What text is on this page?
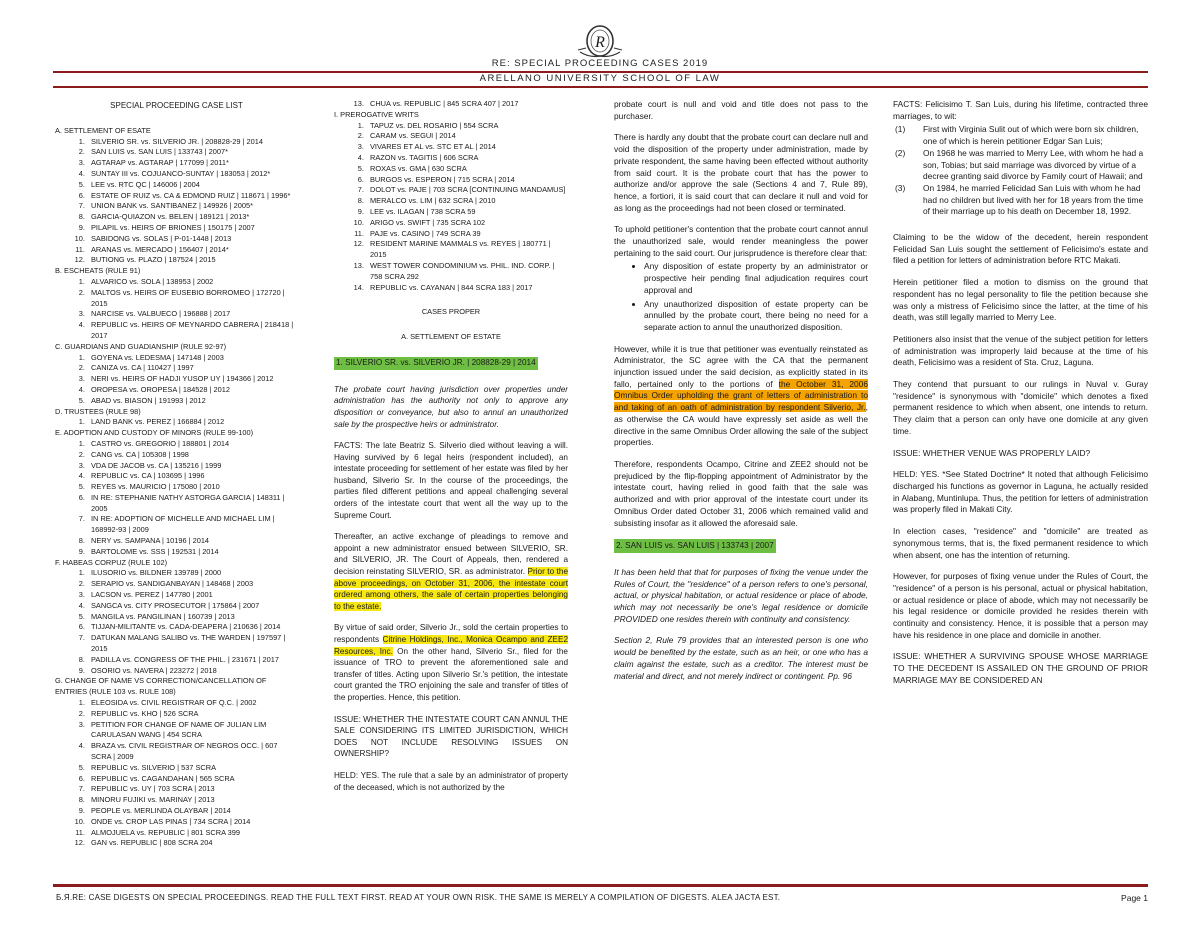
R
RE: SPECIAL PROCEEDING CASES 2019
ARELLANO UNIVERSITY SCHOOL OF LAW
SPECIAL PROCEEDING CASE LIST
A. SETTLEMENT OF ESATE
1. SILVERIO SR. vs. SILVERIO JR. | 208828-29 | 2014
2. SAN LUIS vs. SAN LUIS | 133743 | 2007*
3. AGTARAP vs. AGTARAP | 177099 | 2011*
4. SUNTAY III vs. COJUANCO-SUNTAY | 183053 | 2012*
5. LEE vs. RTC QC | 146006 | 2004
6. ESTATE OF RUIZ vs. CA & EDMOND RUIZ | 118671 | 1996*
7. UNION BANK vs. SANTIBANEZ | 149926 | 2005*
8. GARCIA-QUIAZON vs. BELEN | 189121 | 2013*
9. PILAPIL vs. HEIRS OF BRIONES | 150175 | 2007
10. SABIDONG vs. SOLAS | P-01-1448 | 2013
11. ARANAS vs. MERCADO | 156407 | 2014*
12. BUTIONG vs. PLAZO | 187524 | 2015
B. ESCHEATS (RULE 91)
1. ALVARICO vs. SOLA | 138953 | 2002
2. MALTOS vs. HEIRS OF EUSEBIO BORROMEO | 172720 | 2015
3. NARCISE vs. VALBUECO | 196888 | 2017
4. REPUBLIC vs. HEIRS OF MEYNARDO CABRERA | 218418 | 2017
C. GUARDIANS AND GUADIANSHIP (RULE 92-97)
1. GOYENA vs. LEDESMA | 147148 | 2003
2. CANIZA vs. CA | 110427 | 1997
3. NERI vs. HEIRS OF HADJI YUSOP UY | 194366 | 2012
4. OROPESA vs. OROPESA | 184528 | 2012
5. ABAD vs. BIASON | 191993 | 2012
D. TRUSTEES (RULE 98)
1. LAND BANK vs. PEREZ | 166884 | 2012
E. ADOPTION AND CUSTODY OF MINORS (RULE 99-100)
1. CASTRO vs. GREGORIO | 188801 | 2014
2. CANG vs. CA | 105308 | 1998
3. VDA DE JACOB vs. CA | 135216 | 1999
4. REPUBLIC vs. CA | 103695 | 1996
5. REYES vs. MAURICIO | 175080 | 2010
6. IN RE: STEPHANIE NATHY ASTORGA GARCIA | 148311 | 2005
7. IN RE: ADOPTION OF MICHELLE AND MICHAEL LIM | 168992-93 | 2009
8. NERY vs. SAMPANA | 10196 | 2014
9. BARTOLOME vs. SSS | 192531 | 2014
F. HABEAS CORPUZ (RULE 102)
1. ILUSORIO vs. BILDNER 139789 | 2000
2. SERAPIO vs. SANDIGANBAYAN | 148468 | 2003
3. LACSON vs. PEREZ | 147780 | 2001
4. SANGCA vs. CITY PROSECUTOR | 175864 | 2007
5. MANGILA vs. PANGILINAN | 160739 | 2013
6. TIJJAN-MILITANTE vs. CADA-DEAPERA | 210636 | 2014
7. DATUKAN MALANG SALIBO vs. THE WARDEN | 197597 | 2015
8. PADILLA vs. CONGRESS OF THE PHIL. | 231671 | 2017
9. OSORIO vs. NAVERA | 223272 | 2018
G. CHANGE OF NAME VS CORRECTION/CANCELLATION OF ENTRIES (RULE 103 vs. RULE 108)
1. ELEOSIDA vs. CIVIL REGISTRAR OF Q.C. | 2002
2. REPUBLIC vs. KHO | 526 SCRA
3. PETITION FOR CHANGE OF NAME OF JULIAN LIM CARULASAN WANG | 454 SCRA
4. BRAZA vs. CIVIL REGISTRAR OF NEGROS OCC. | 607 SCRA | 2009
5. REPUBLIC vs. SILVERIO | 537 SCRA
6. REPUBLIC vs. CAGANDAHAN | 565 SCRA
7. REPUBLIC vs. UY | 703 SCRA | 2013
8. MINORU FUJIKI vs. MARINAY | 2013
9. PEOPLE vs. MERLINDA OLAYBAR | 2014
10. ONDE vs. CROP LAS PINAS | 734 SCRA | 2014
11. ALMOJUELA vs. REPUBLIC | 801 SCRA 399
12. GAN vs. REPUBLIC | 808 SCRA 204
13. CHUA vs. REPUBLIC | 845 SCRA 407 | 2017
I. PREROGATIVE WRITS
1. TAPUZ vs. DEL ROSARIO | 554 SCRA
2. CARAM vs. SEGUI | 2014
3. VIVARES ET AL vs. STC ET AL | 2014
4. RAZON vs. TAGITIS | 606 SCRA
5. ROXAS vs. GMA | 630 SCRA
6. BURGOS vs. ESPERON | 715 SCRA | 2014
7. DOLOT vs. PAJE | 703 SCRA [CONTINUING MANDAMUS]
8. MERALCO vs. LIM | 632 SCRA | 2010
9. LEE vs. ILAGAN | 738 SCRA 59
10. ARIGO vs. SWIFT | 735 SCRA 102
11. PAJE vs. CASINO | 749 SCRA 39
12. RESIDENT MARINE MAMMALS vs. REYES | 180771 | 2015
13. WEST TOWER CONDOMINIUM vs. PHIL. IND. CORP. | 758 SCRA 292
14. REPUBLIC vs. CAYANAN | 844 SCRA 183 | 2017
CASES PROPER
A. SETTLEMENT OF ESTATE
1. SILVERIO SR. vs. SILVERIO JR. | 208828-29 | 2014

The probate court having jurisdiction over properties under administration has the authority not only to approve any disposition or conveyance, but also to annul an unauthorized sale by the prospective heirs or administrator.

FACTS: The late Beatriz S. Silverio died without leaving a will. Having survived by 6 legal heirs (respondent included), an intestate proceeding for settlement of her estate was filed by her husband, Silverio Sr. In the course of the proceedings, the parties filed different petitions and appeal challenging several orders of the intestate court that went all the way up to the Supreme Court.

Thereafter, an active exchange of pleadings to remove and appoint a new administrator ensued between SILVERIO, SR. and SILVERIO, JR. The Court of Appeals, then, rendered a decision reinstating SILVERIO, SR. as administrator. Prior to the above proceedings, on October 31, 2006, the intestate court ordered among others, the sale of certain properties belonging to the estate.

By virtue of said order, Silverio Jr., sold the certain properties to respondents Citrine Holdings, Inc., Monica Ocampo and ZEE2 Resources, Inc. On the other hand, Silverio Sr., filed for the issuance of TRO to prevent the aforementioned sale and transfer of titles. Acting upon Silverio Sr.'s petition, the intestate court granted the TRO enjoining the sale and transfer of titles of the properties. Hence, this petition.

ISSUE: WHETHER THE INTESTATE COURT CAN ANNUL THE SALE CONSIDERING ITS LIMITED JURISDICTION, WHICH DOES NOT INCLUDE RESOLVING ISSUES ON OWNERSHIP?

HELD: YES. The rule that a sale by an administrator of property of the deceased, which is not authorized by the

probate court is null and void and title does not pass to the purchaser.

There is hardly any doubt that the probate court can declare null and void the disposition of the property under administration, made by private respondent, the same having been effected without authority from said court. It is the probate court that has the power to authorize and/or approve the sale (Sections 4 and 7, Rule 89), hence, a fortiori, it is said court that can declare it null and void for as long as the proceedings had not been closed or terminated.

To uphold petitioner's contention that the probate court cannot annul the unauthorized sale, would render meaningless the power pertaining to the said court. Our jurisprudence is therefore clear that:

• Any disposition of estate property by an administrator or prospective heir pending final adjudication requires court approval and
• Any unauthorized disposition of estate property can be annulled by the probate court, there being no need for a separate action to annul the unauthorized disposition.

However, while it is true that petitioner was eventually reinstated as Administrator, the SC agree with the CA that the permanent injunction issued under the said decision, as explicitly stated in its fallo, pertained only to the portions of the October 31, 2006 Omnibus Order upholding the grant of letters of administration to and taking of an oath of administration by respondent Silverio, Jr., as otherwise the CA would have expressly set aside as well the directive in the same Omnibus Order allowing the sale of the subject properties.

Therefore, respondents Ocampo, Citrine and ZEE2 should not be prejudiced by the flip-flopping appointment of Administrator by the intestate court, having relied in good faith that the sale was authorized and with prior approval of the intestate court under its Omnibus Order dated October 31, 2006 which remained valid and subsisting insofar as it allowed the aforesaid sale.

2. SAN LUIS vs. SAN LUIS | 133743 | 2007

It has been held that that for purposes of fixing the venue under the Rules of Court, the "residence" of a person refers to one's personal, actual, or physical habitation, or actual residence or place of abode, which may not necessarily be one's legal residence or domicile PROVIDED one resides therein with continuity and consistency.

Section 2, Rule 79 provides that an interested person is one who would be benefited by the estate, such as an heir, or one who has a claim against the estate, such as a creditor. The interest must be material and direct, and not merely indirect or contingent. Pp. 96

FACTS: Felicisimo T. San Luis, during his lifetime, contracted three marriages, to wit:

(1) First with Virginia Sulit out of which were born six children, one of which is herein petitioner Edgar San Luis;
(2) On 1968 he was married to Merry Lee, with whom he had a son, Tobias; but said marriage was divorced by virtue of a decree granting said divorce by Family court of Hawaii; and
(3) On 1984, he married Felicidad San Luis with whom he had had no children but lived with her for 18 years from the time of their marriage up to his death on December 18, 1992.

Claiming to be the widow of the decedent, herein respondent Felicidad San Luis sought the settlement of Felicisimo's estate and filed a petition for letters of administration before RTC Makati.

Herein petitioner filed a motion to dismiss on the ground that respondent has no legal personality to file the petition because she was only a mistress of Felicisimo since the latter, at the time of his death, was still legally married to Merry Lee.

Petitioners also insist that the venue of the subject petition for letters of administration was improperly laid because at the time of his death, Felicisimo was a resident of Sta. Cruz, Laguna.

They contend that pursuant to our rulings in Nuval v. Guray "residence" is synonymous with "domicile" which denotes a fixed permanent residence to which when absent, one intends to return. They claim that a person can only have one domicile at any given time.

ISSUE: WHETHER VENUE WAS PROPERLY LAID?

HELD: YES. *See Stated Doctrine* It noted that although Felicisimo discharged his functions as governor in Laguna, he actually resided in Alabang, Muntinlupa. Thus, the petition for letters of administration was properly filed in Makati City.

In election cases, "residence" and "domicile" are treated as synonymous terms, that is, the fixed permanent residence to which when absent, one has the intention of returning.

However, for purposes of fixing venue under the Rules of Court, the "residence" of a person is his personal, actual or physical habitation, or actual residence or place of abode, which may not necessarily be his legal residence or domicile provided he resides therein with continuity and consistency. Hence, it is possible that a person may have his residence in one place and domicile in another.

ISSUE: WHETHER A SURVIVING SPOUSE WHOSE MARRIAGE TO THE DECEDENT IS ASSAILED ON THE GROUND OF PRIOR MARRIAGE MAY BE CONSIDERED AN

Б.Я.RE: CASE DIGESTS ON SPECIAL PROCEEDINGS. READ THE FULL TEXT FIRST. READ AT YOUR OWN RISK. THE SAME IS MERELY A COMPILATION OF DIGESTS. ALEA JACTA EST.	Page 1
